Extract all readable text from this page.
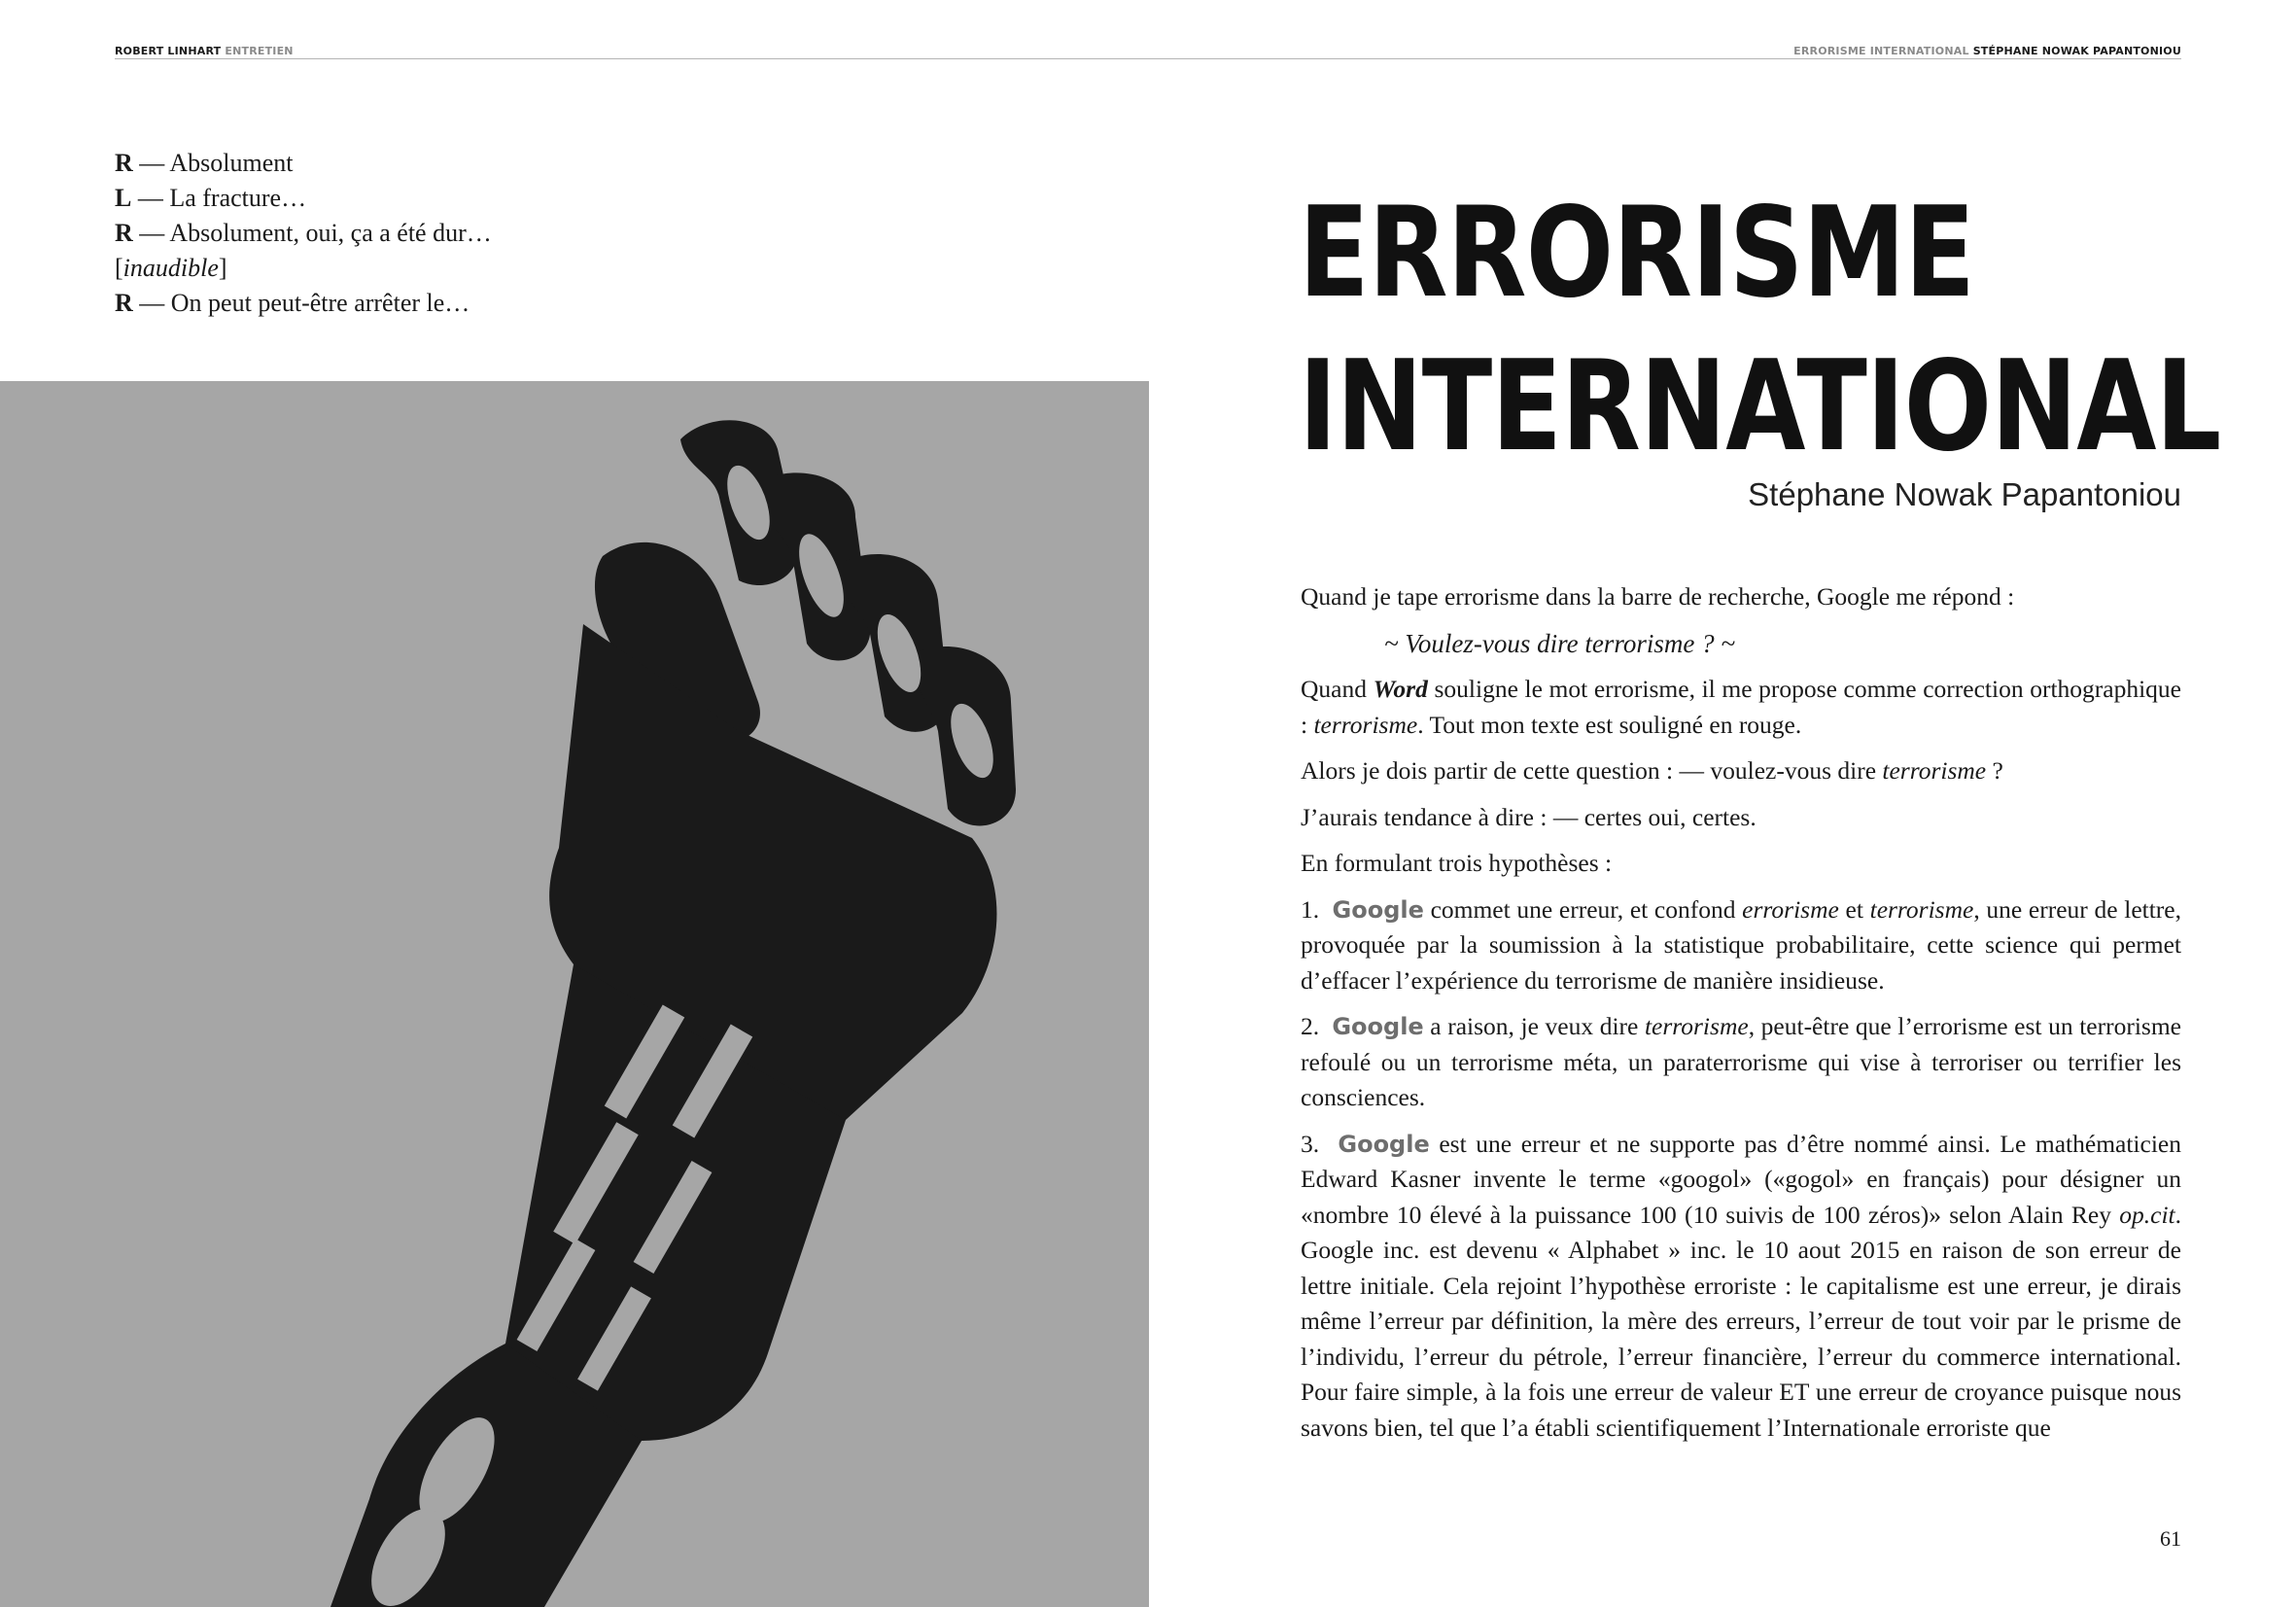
ROBERT LINHART ENTRETIEN	ERRORISME INTERNATIONAL STÉPHANE NOWAK PAPANTONIOU
R — Absolument
L — La fracture…
R — Absolument, oui, ça a été dur…
[inaudible]
R — On peut peut-être arrêter le…	ERRORISME
INTERNATIONAL
Stéphane Nowak Papantoniou

Quand je tape errorisme dans la barre de recherche, Google me répond :

~ Voulez-vous dire terrorisme ? ~

Quand Word souligne le mot errorisme, il me propose comme correction orthographique : terrorisme. Tout mon texte est souligné en rouge.

Alors je dois partir de cette question : — voulez-vous dire terrorisme ?

J’aurais tendance à dire : — certes oui, certes.

En formulant trois hypothèses :

1. Google commet une erreur, et confond errorisme et terrorisme, une erreur de lettre, provoquée par la soumission à la statistique probabilitaire, cette science qui permet d’effacer l’expérience du terrorisme de manière insidieuse.

2. Google a raison, je veux dire terrorisme, peut-être que l’errorisme est un terrorisme refoulé ou un terrorisme méta, un paraterrorisme qui vise à terroriser ou terrifier les consciences.

3. Google est une erreur et ne supporte pas d’être nommé ainsi. Le mathématicien Edward Kasner invente le terme «googol» («gogol» en français) pour désigner un «nombre 10 élevé à la puissance 100 (10 suivis de 100 zéros)» selon Alain Rey op.cit. Google inc. est devenu « Alphabet » inc. le 10 aout 2015 en raison de son erreur de lettre initiale. Cela rejoint l’hypothèse erroriste : le capitalisme est une erreur, je dirais même l’erreur par définition, la mère des erreurs, l’erreur de tout voir par le prisme de l’individu, l’erreur du pétrole, l’erreur financière, l’erreur du commerce international. Pour faire simple, à la fois une erreur de valeur ET une erreur de croyance puisque nous savons bien, tel que l’a établi scientifiquement l’Internationale erroriste que

61
